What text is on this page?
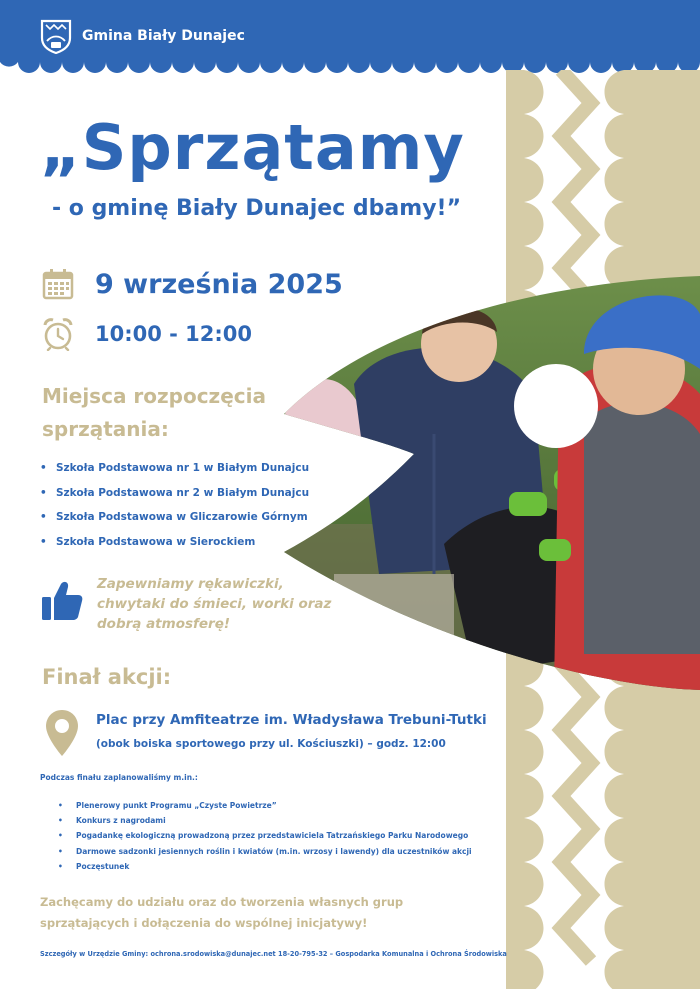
Gmina Biały Dunajec
„Sprzątamy
- o gminę Biały Dunajec dbamy!”
9 września 2025
10:00 - 12:00
Miejsca rozpoczęcia sprzątania:
• Szkoła Podstawowa nr 1 w Białym Dunajcu
• Szkoła Podstawowa nr 2 w Białym Dunajcu
• Szkoła Podstawowa w Gliczarowie Górnym
• Szkoła Podstawowa w Sierockiem

Zapewniamy rękawiczki, chwytaki do śmieci, worki oraz dobrą atmosferę!

Finał akcji:

Plac przy Amfiteatrze im. Władysława Trebuni-Tutki

(obok boiska sportowego przy ul. Kościuszki) – godz. 12:00

Podczas finału zaplanowaliśmy m.in.:

• Plenerowy punkt Programu „Czyste Powietrze”
• Konkurs z nagrodami
• Pogadankę ekologiczną prowadzoną przez przedstawiciela Tatrzańskiego Parku Narodowego
• Darmowe sadzonki jesiennych roślin i kwiatów (m.in. wrzosy i lawendy) dla uczestników akcji
• Poczęstunek

Zachęcamy do udziału oraz do tworzenia własnych grup sprzątających i dołączenia do wspólnej inicjatywy!

Szczegóły w Urzędzie Gminy: ochrona.srodowiska@dunajec.net 18-20-795-32 – Gospodarka Komunalna i Ochrona Środowiska
